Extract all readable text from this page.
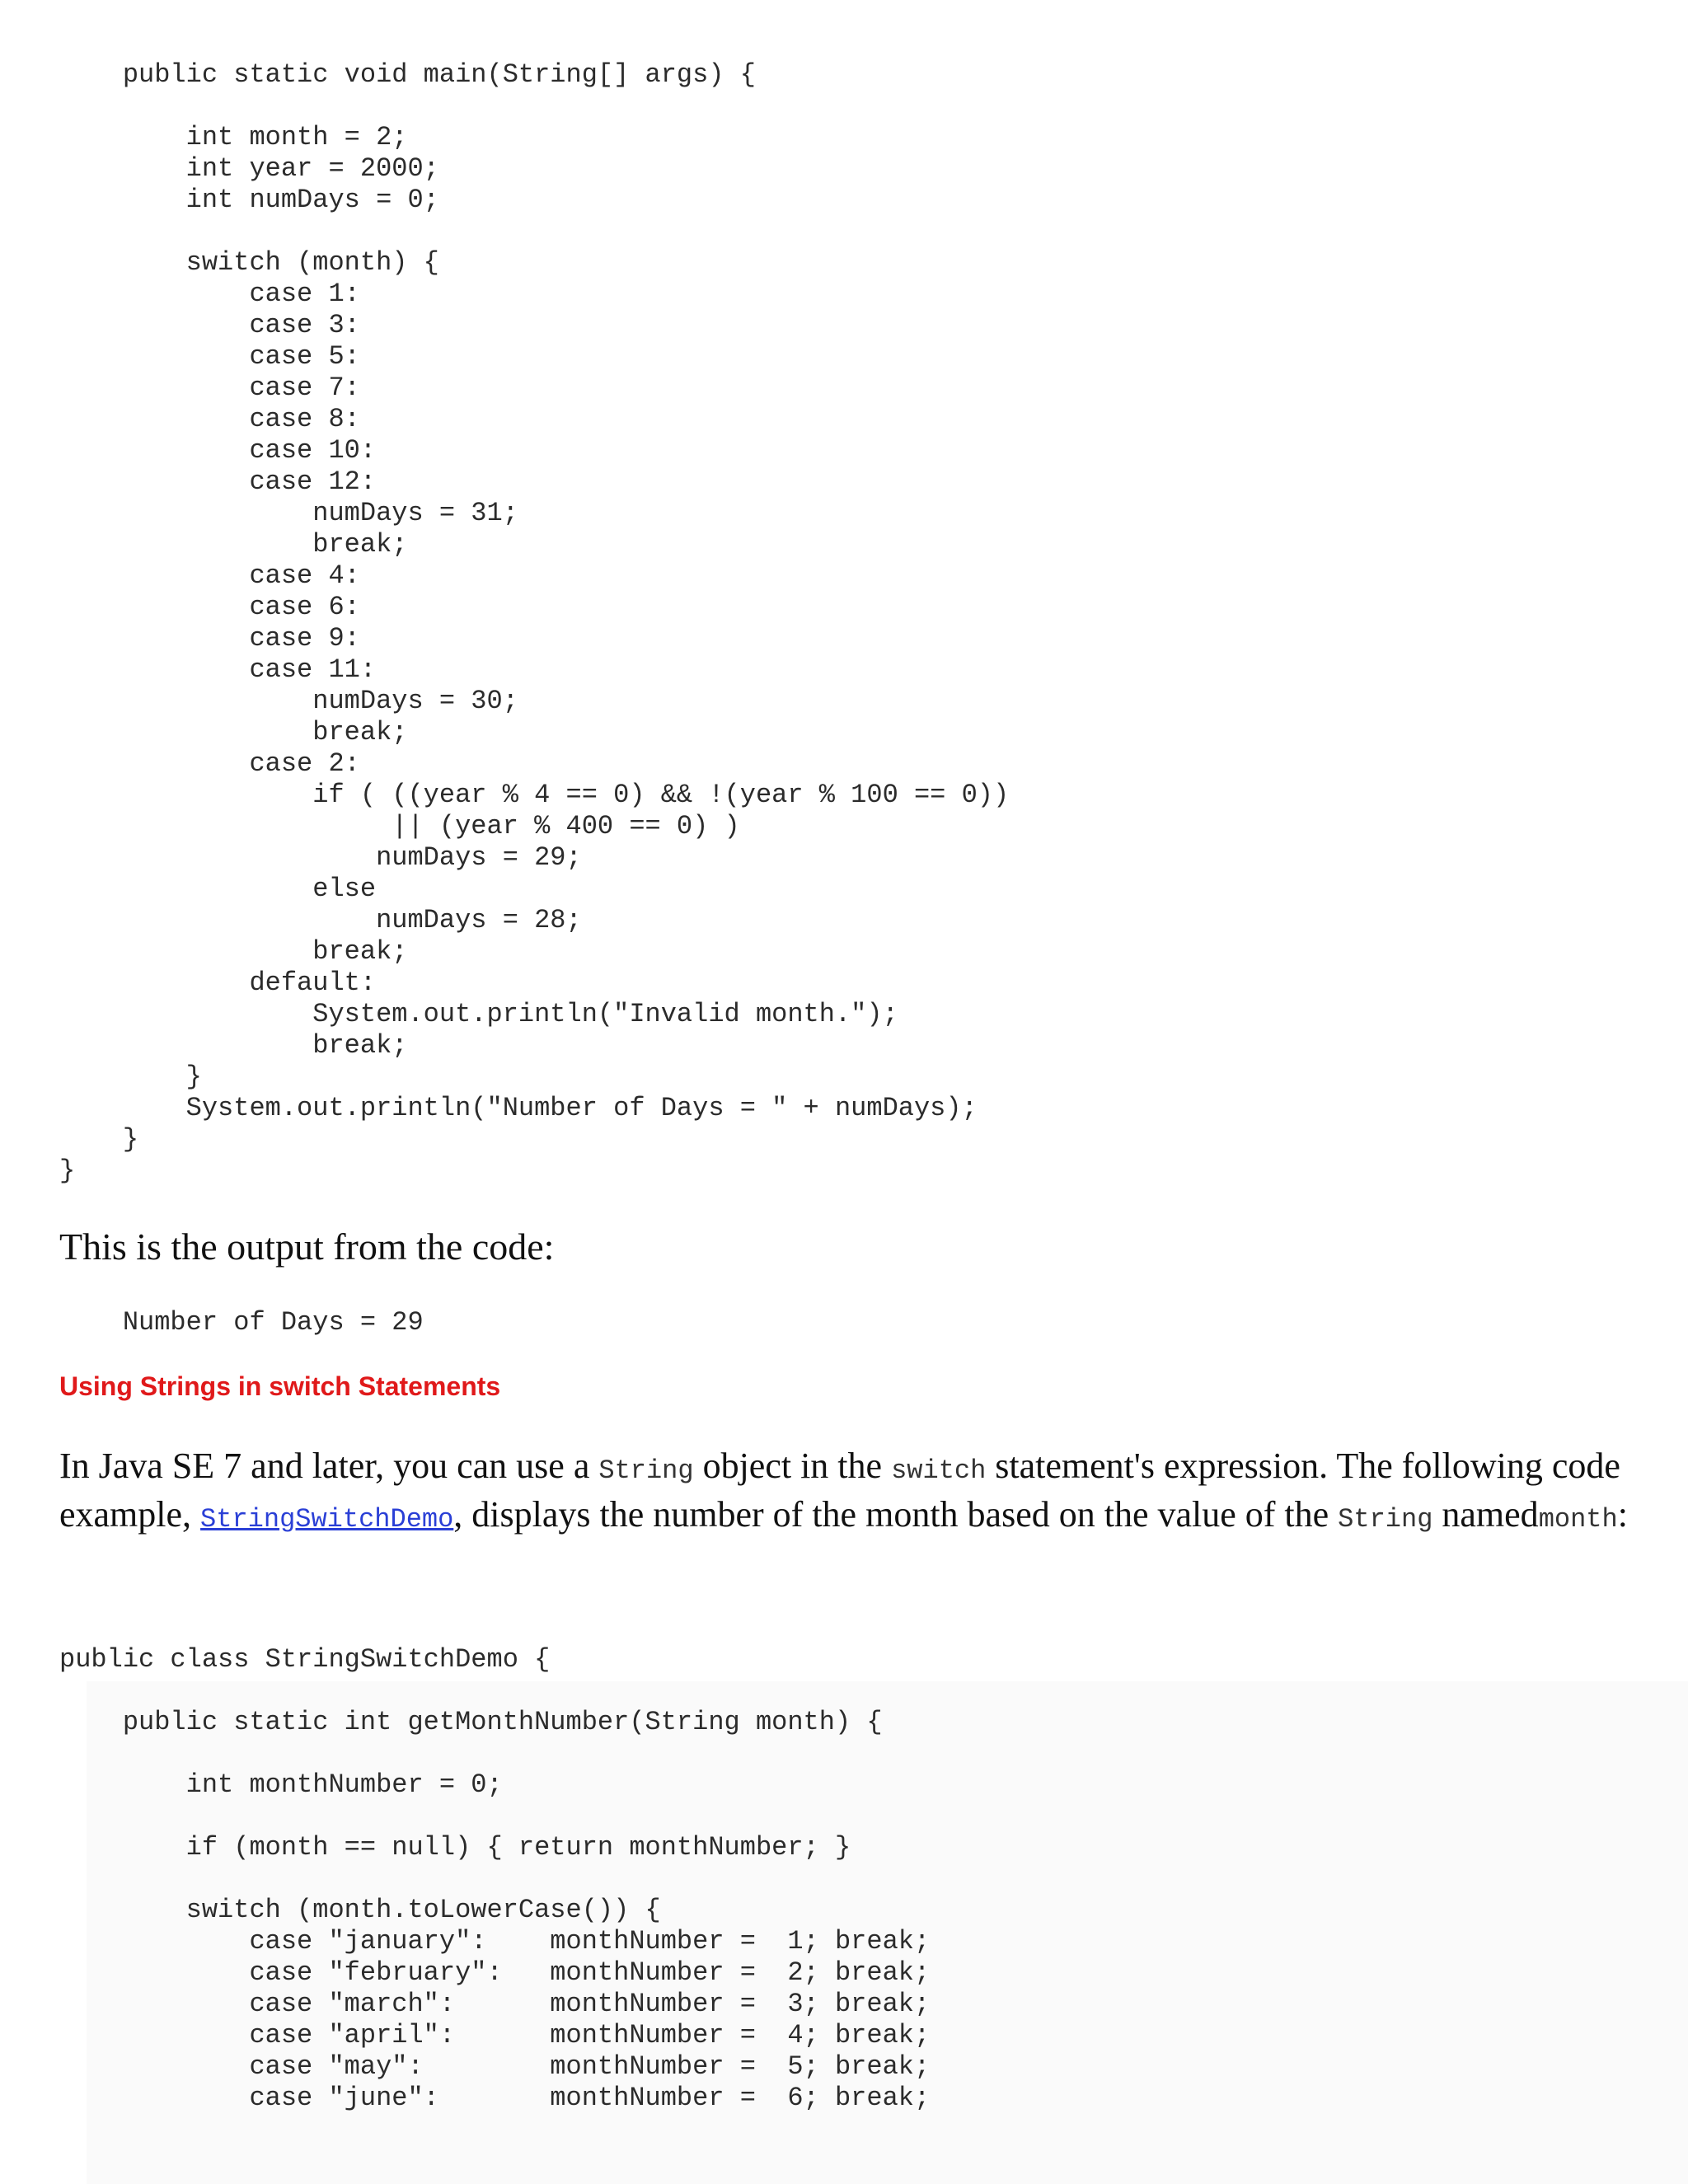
public static void main(String[] args) {
int month = 2;
int year = 2000;
int numDays = 0;
switch (month) {
case 1:
case 3:
case 5:
case 7:
case 8:
case 10:
case 12:
numDays = 31;
break;
case 4:
case 6:
case 9:
case 11:
numDays = 30;
break;
case 2:
if ( ((year % 4 == 0) && !(year % 100 == 0))
|| (year % 400 == 0) )
numDays = 29;
else
numDays = 28;
break;
default:
System.out.println("Invalid month.");
break;
}
System.out.println("Number of Days = " + numDays);
}
}

This is the output from the code:

Number of Days = 29
Using Strings in switch Statements

In Java SE 7 and later, you can use a String object in the switch statement's expression. The following code example, StringSwitchDemo, displays the number of the month based on the value of the String namedmonth:

public class StringSwitchDemo {
public static int getMonthNumber(String month) {
int monthNumber = 0;
if (month == null) { return monthNumber; }
switch (month.toLowerCase()) {
case "january":    monthNumber =  1; break;
case "february":   monthNumber =  2; break;
case "march":      monthNumber =  3; break;
case "april":      monthNumber =  4; break;
case "may":        monthNumber =  5; break;
case "june":       monthNumber =  6; break;
